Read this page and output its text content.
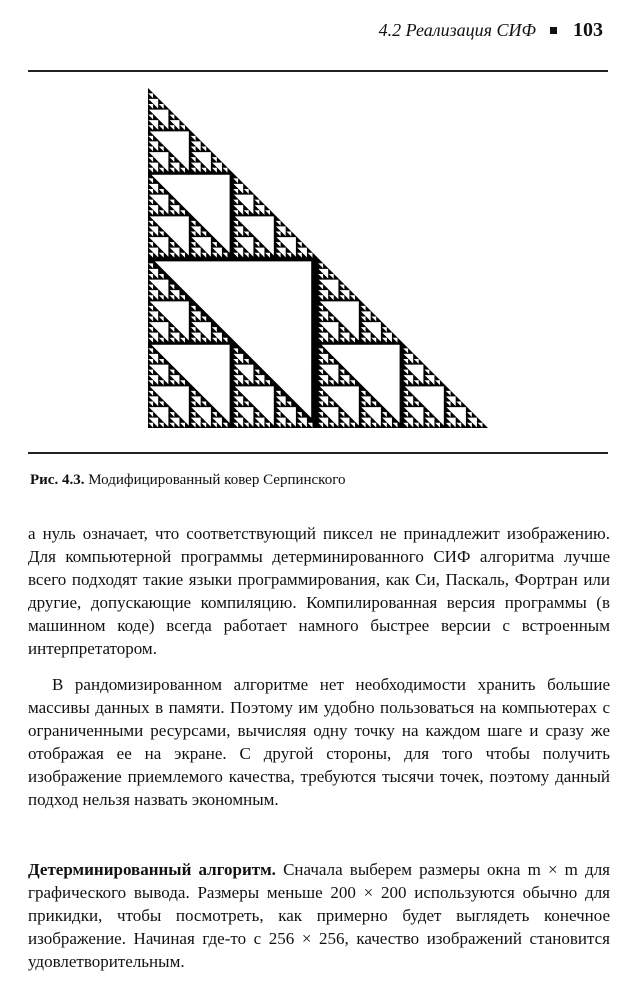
4.2 Реализация СИФ 103
Рис. 4.3. Модифицированный ковер Серпинского

а нуль означает, что соответствующий пиксел не принадлежит изображению. Для компьютерной программы детерминированного СИФ алгоритма лучше всего подходят такие языки программирования, как Си, Паскаль, Фортран или другие, допускающие компиляцию. Компилированная версия программы (в машинном коде) всегда работает намного быстрее версии с встроенным интерпретатором.

В рандомизированном алгоритме нет необходимости хранить большие массивы данных в памяти. Поэтому им удобно пользоваться на компьютерах с ограниченными ресурсами, вычисляя одну точку на каждом шаге и сразу же отображая ее на экране. С другой стороны, для того чтобы получить изображение приемлемого качества, требуются тысячи точек, поэтому данный подход нельзя назвать экономным.

Детерминированный алгоритм. Сначала выберем размеры окна m × m для графического вывода. Размеры меньше 200 × 200 используются обычно для прикидки, чтобы посмотреть, как примерно будет выглядеть конечное изображение. Начиная где-то с 256 × 256, качество изображений становится удовлетворительным.
